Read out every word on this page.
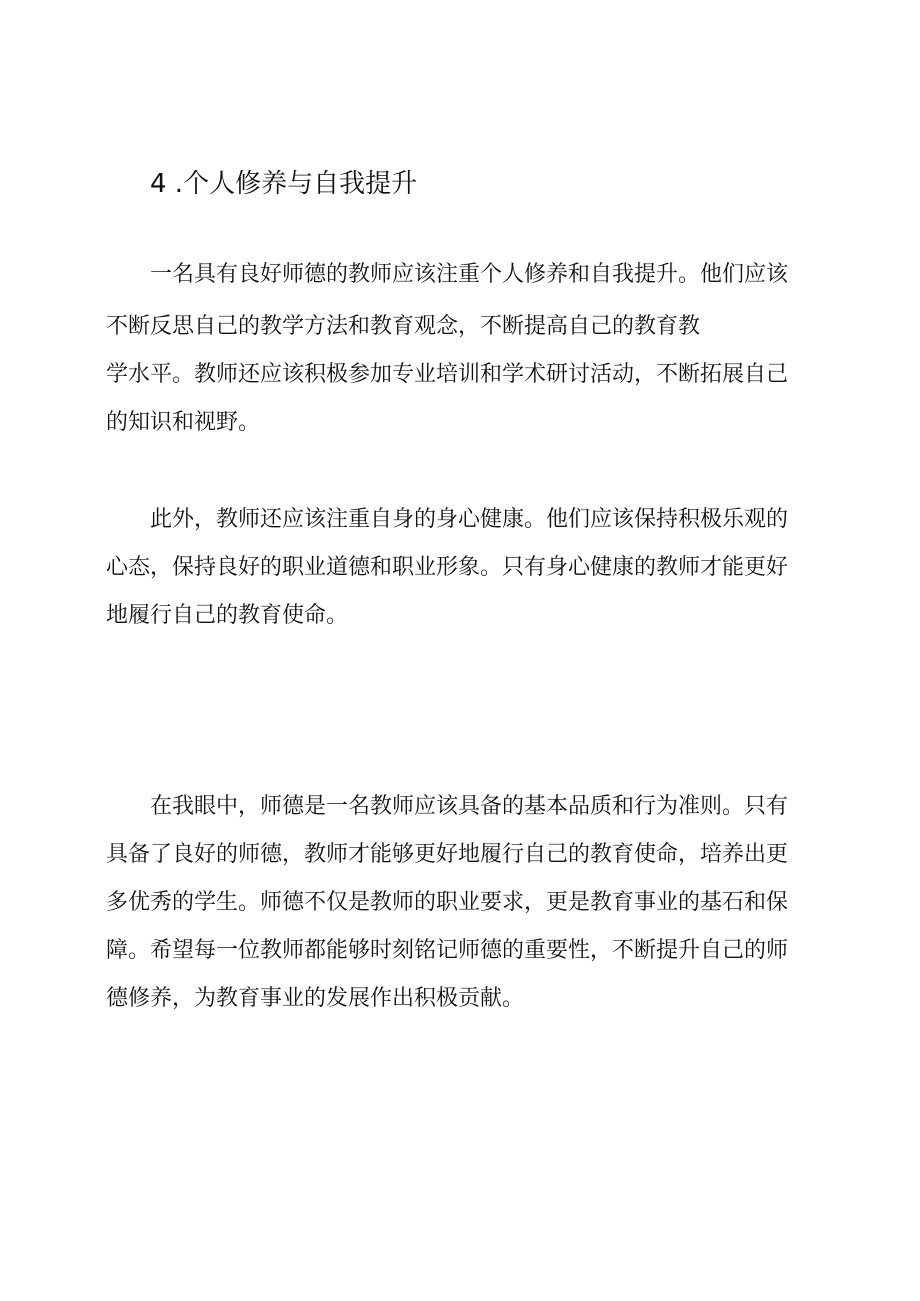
4 .个人修养与自我提升
一名具有良好师德的教师应该注重个人修养和自我提升。他们应该
不断反思自己的教学方法和教育观念，不断提高自己的教育教
学水平。教师还应该积极参加专业培训和学术研讨活动，不断拓展自己
的知识和视野。
此外，教师还应该注重自身的身心健康。他们应该保持积极乐观的
心态，保持良好的职业道德和职业形象。只有身心健康的教师才能更好
地履行自己的教育使命。
在我眼中，师德是一名教师应该具备的基本品质和行为准则。只有
具备了良好的师德，教师才能够更好地履行自己的教育使命，培养出更
多优秀的学生。师德不仅是教师的职业要求，更是教育事业的基石和保
障。希望每一位教师都能够时刻铭记师德的重要性，不断提升自己的师
德修养，为教育事业的发展作出积极贡献。
